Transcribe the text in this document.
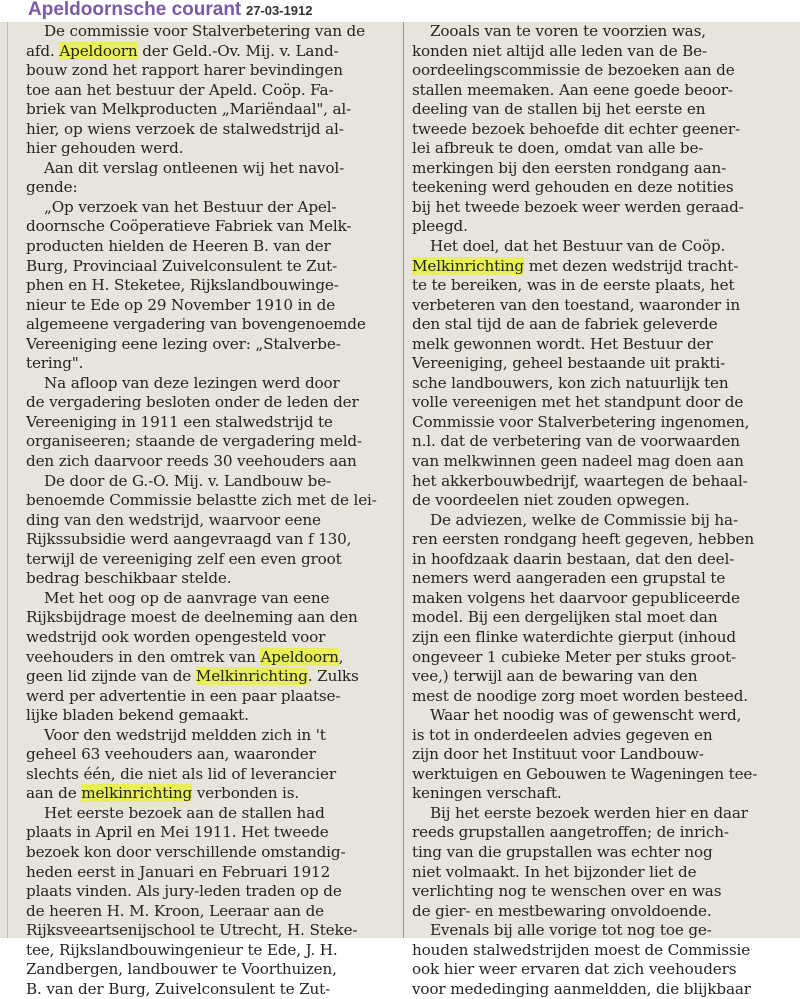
Apeldoornsche courant 27-03-1912
De commissie voor Stalverbetering van de
afd. Apeldoorn der Geld.-Ov. Mij. v. Land-
bouw zond het rapport harer bevindingen
toe aan het bestuur der Apeld. Coöp. Fa-
briek van Melkproducten „Mariëndaal", al-
hier, op wiens verzoek de stalwedstrijd al-
hier gehouden werd.
Aan dit verslag ontleenen wij het navol-
gende:
„Op verzoek van het Bestuur der Apel-
doornsche Coöperatieve Fabriek van Melk-
producten hielden de Heeren B. van der
Burg, Provinciaal Zuivelconsulent te Zut-
phen en H. Steketee, Rijkslandbouwinge-
nieur te Ede op 29 November 1910 in de
algemeene vergadering van bovengenoemde
Vereeniging eene lezing over: „Stalverbe-
tering".
Na afloop van deze lezingen werd door
de vergadering besloten onder de leden der
Vereeniging in 1911 een stalwedstrijd te
organiseeren; staande de vergadering meld-
den zich daarvoor reeds 30 veehouders aan
De door de G.-O. Mij. v. Landbouw be-
benoemde Commissie belastte zich met de lei-
ding van den wedstrijd, waarvoor eene
Rijkssubsidie werd aangevraagd van f 130,
terwijl de vereeniging zelf een even groot
bedrag beschikbaar stelde.
Met het oog op de aanvrage van eene
Rijksbijdrage moest de deelneming aan den
wedstrijd ook worden opengesteld voor
veehouders in den omtrek van Apeldoorn,
geen lid zijnde van de Melkinrichting. Zulks
werd per advertentie in een paar plaatse-
lijke bladen bekend gemaakt.
Voor den wedstrijd meldden zich in 't
geheel 63 veehouders aan, waaronder
slechts één, die niet als lid of leverancier
aan de melkinrichting verbonden is.
Het eerste bezoek aan de stallen had
plaats in April en Mei 1911. Het tweede
bezoek kon door verschillende omstandig-
heden eerst in Januari en Februari 1912
plaats vinden. Als jury-leden traden op de
de heeren H. M. Kroon, Leeraar aan de
Rijksveeartsenijschool te Utrecht, H. Steke-
tee, Rijkslandbouwingenieur te Ede, J. H.
Zandbergen, landbouwer te Voorthuizen,
B. van der Burg, Zuivelconsulent te Zut-
Zooals van te voren te voorzien was,
konden niet altijd alle leden van de Be-
oordeelingscommissie de bezoeken aan de
stallen meemaken. Aan eene goede beoor-
deeling van de stallen bij het eerste en
tweede bezoek behoefde dit echter geener-
lei afbreuk te doen, omdat van alle be-
merkingen bij den eersten rondgang aan-
teekening werd gehouden en deze notities
bij het tweede bezoek weer werden geraad-
pleegd.
Het doel, dat het Bestuur van de Coöp.
Melkinrichting met dezen wedstrijd tracht-
te te bereiken, was in de eerste plaats, het
verbeteren van den toestand, waaronder in
den stal tijd de aan de fabriek geleverde
melk gewonnen wordt. Het Bestuur der
Vereeniging, geheel bestaande uit prakti-
sche landbouwers, kon zich natuurlijk ten
volle vereenigen met het standpunt door de
Commissie voor Stalverbetering ingenomen,
n.l. dat de verbetering van de voorwaarden
van melkwinnen geen nadeel mag doen aan
het akkerbouwbedrijf, waartegen de behaal-
de voordeelen niet zouden opwegen.
De adviezen, welke de Commissie bij ha-
ren eersten rondgang heeft gegeven, hebben
in hoofdzaak daarin bestaan, dat den deel-
nemers werd aangeraden een grupstal te
maken volgens het daarvoor gepubliceerde
model. Bij een dergelijken stal moet dan
zijn een flinke waterdichte gierput (inhoud
ongeveer 1 cubieke Meter per stuks groot-
vee,) terwijl aan de bewaring van den
mest de noodige zorg moet worden besteed.
Waar het noodig was of gewenscht werd,
is tot in onderdeelen advies gegeven en
zijn door het Instituut voor Landbouw-
werktuigen en Gebouwen te Wageningen tee-
keningen verschaft.
Bij het eerste bezoek werden hier en daar
reeds grupstallen aangetroffen; de inrich-
ting van die grupstallen was echter nog
niet volmaakt. In het bijzonder liet de
verlichting nog te wenschen over en was
de gier- en mestbewaring onvoldoende.
Evenals bij alle vorige tot nog toe ge-
houden stalwedstrijden moest de Commissie
ook hier weer ervaren dat zich veehouders
voor mededinging aanmeldden, die blijkbaar
